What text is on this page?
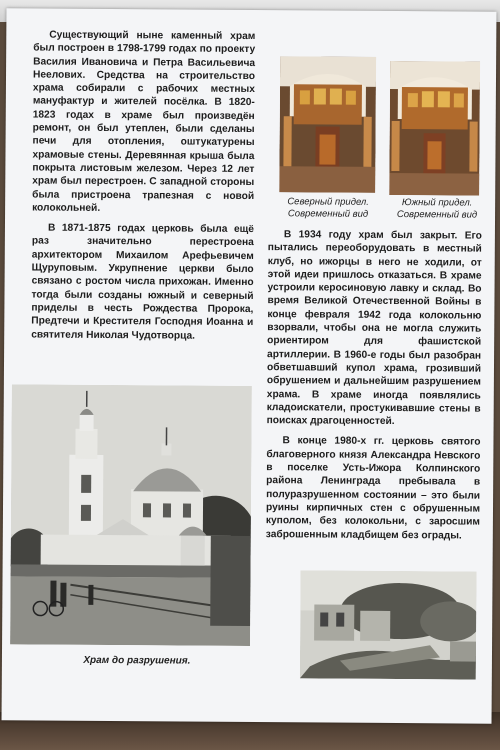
Существующий ныне каменный храм был построен в 1798-1799 годах по проекту Василия Ивановича и Петра Васильевича Неелових. Средства на строительство храма собирали с рабочих местных мануфактур и жителей посёлка. В 1820-1823 годах в храме был произведён ремонт, он был утеплен, были сделаны печи для отопления, оштукатурены храмовые стены. Деревянная крыша была покрыта листовым железом. Через 12 лет храм был перестроен. С западной стороны была пристроена трапезная с новой колокольней.

В 1871-1875 годах церковь была ещё раз значительно перестроена архитектором Михаилом Арефьевичем Щуруповым. Укрупнение церкви было связано с ростом числа прихожан. Именно тогда были созданы южный и северный приделы в честь Рождества Пророка, Предтечи и Крестителя Господня Иоанна и святителя Николая Чудотворца.

Северный придел. Современный вид
Южный придел. Современный вид

В 1934 году храм был закрыт. Его пытались переоборудовать в местный клуб, но ижорцы в него не ходили, от этой идеи пришлось отказаться. В храме устроили керосиновую лавку и склад. Во время Великой Отечественной Войны в конце февраля 1942 года колокольню взорвали, чтобы она не могла служить ориентиром для фашистской артиллерии. В 1960-е годы был разобран обветшавший купол храма, грозивший обрушением и дальнейшим разрушением храма. В храме иногда появлялись кладоискатели, простукивавшие стены в поисках драгоценностей.

В конце 1980-х гг. церковь святого благоверного князя Александра Невского в поселке Усть-Ижора Колпинского района Ленинграда пребывала в полуразрушенном состоянии – это были руины кирпичных стен с обрушенным куполом, без колокольни, с заросшим заброшенным кладбищем без ограды.

Храм до разрушения.
